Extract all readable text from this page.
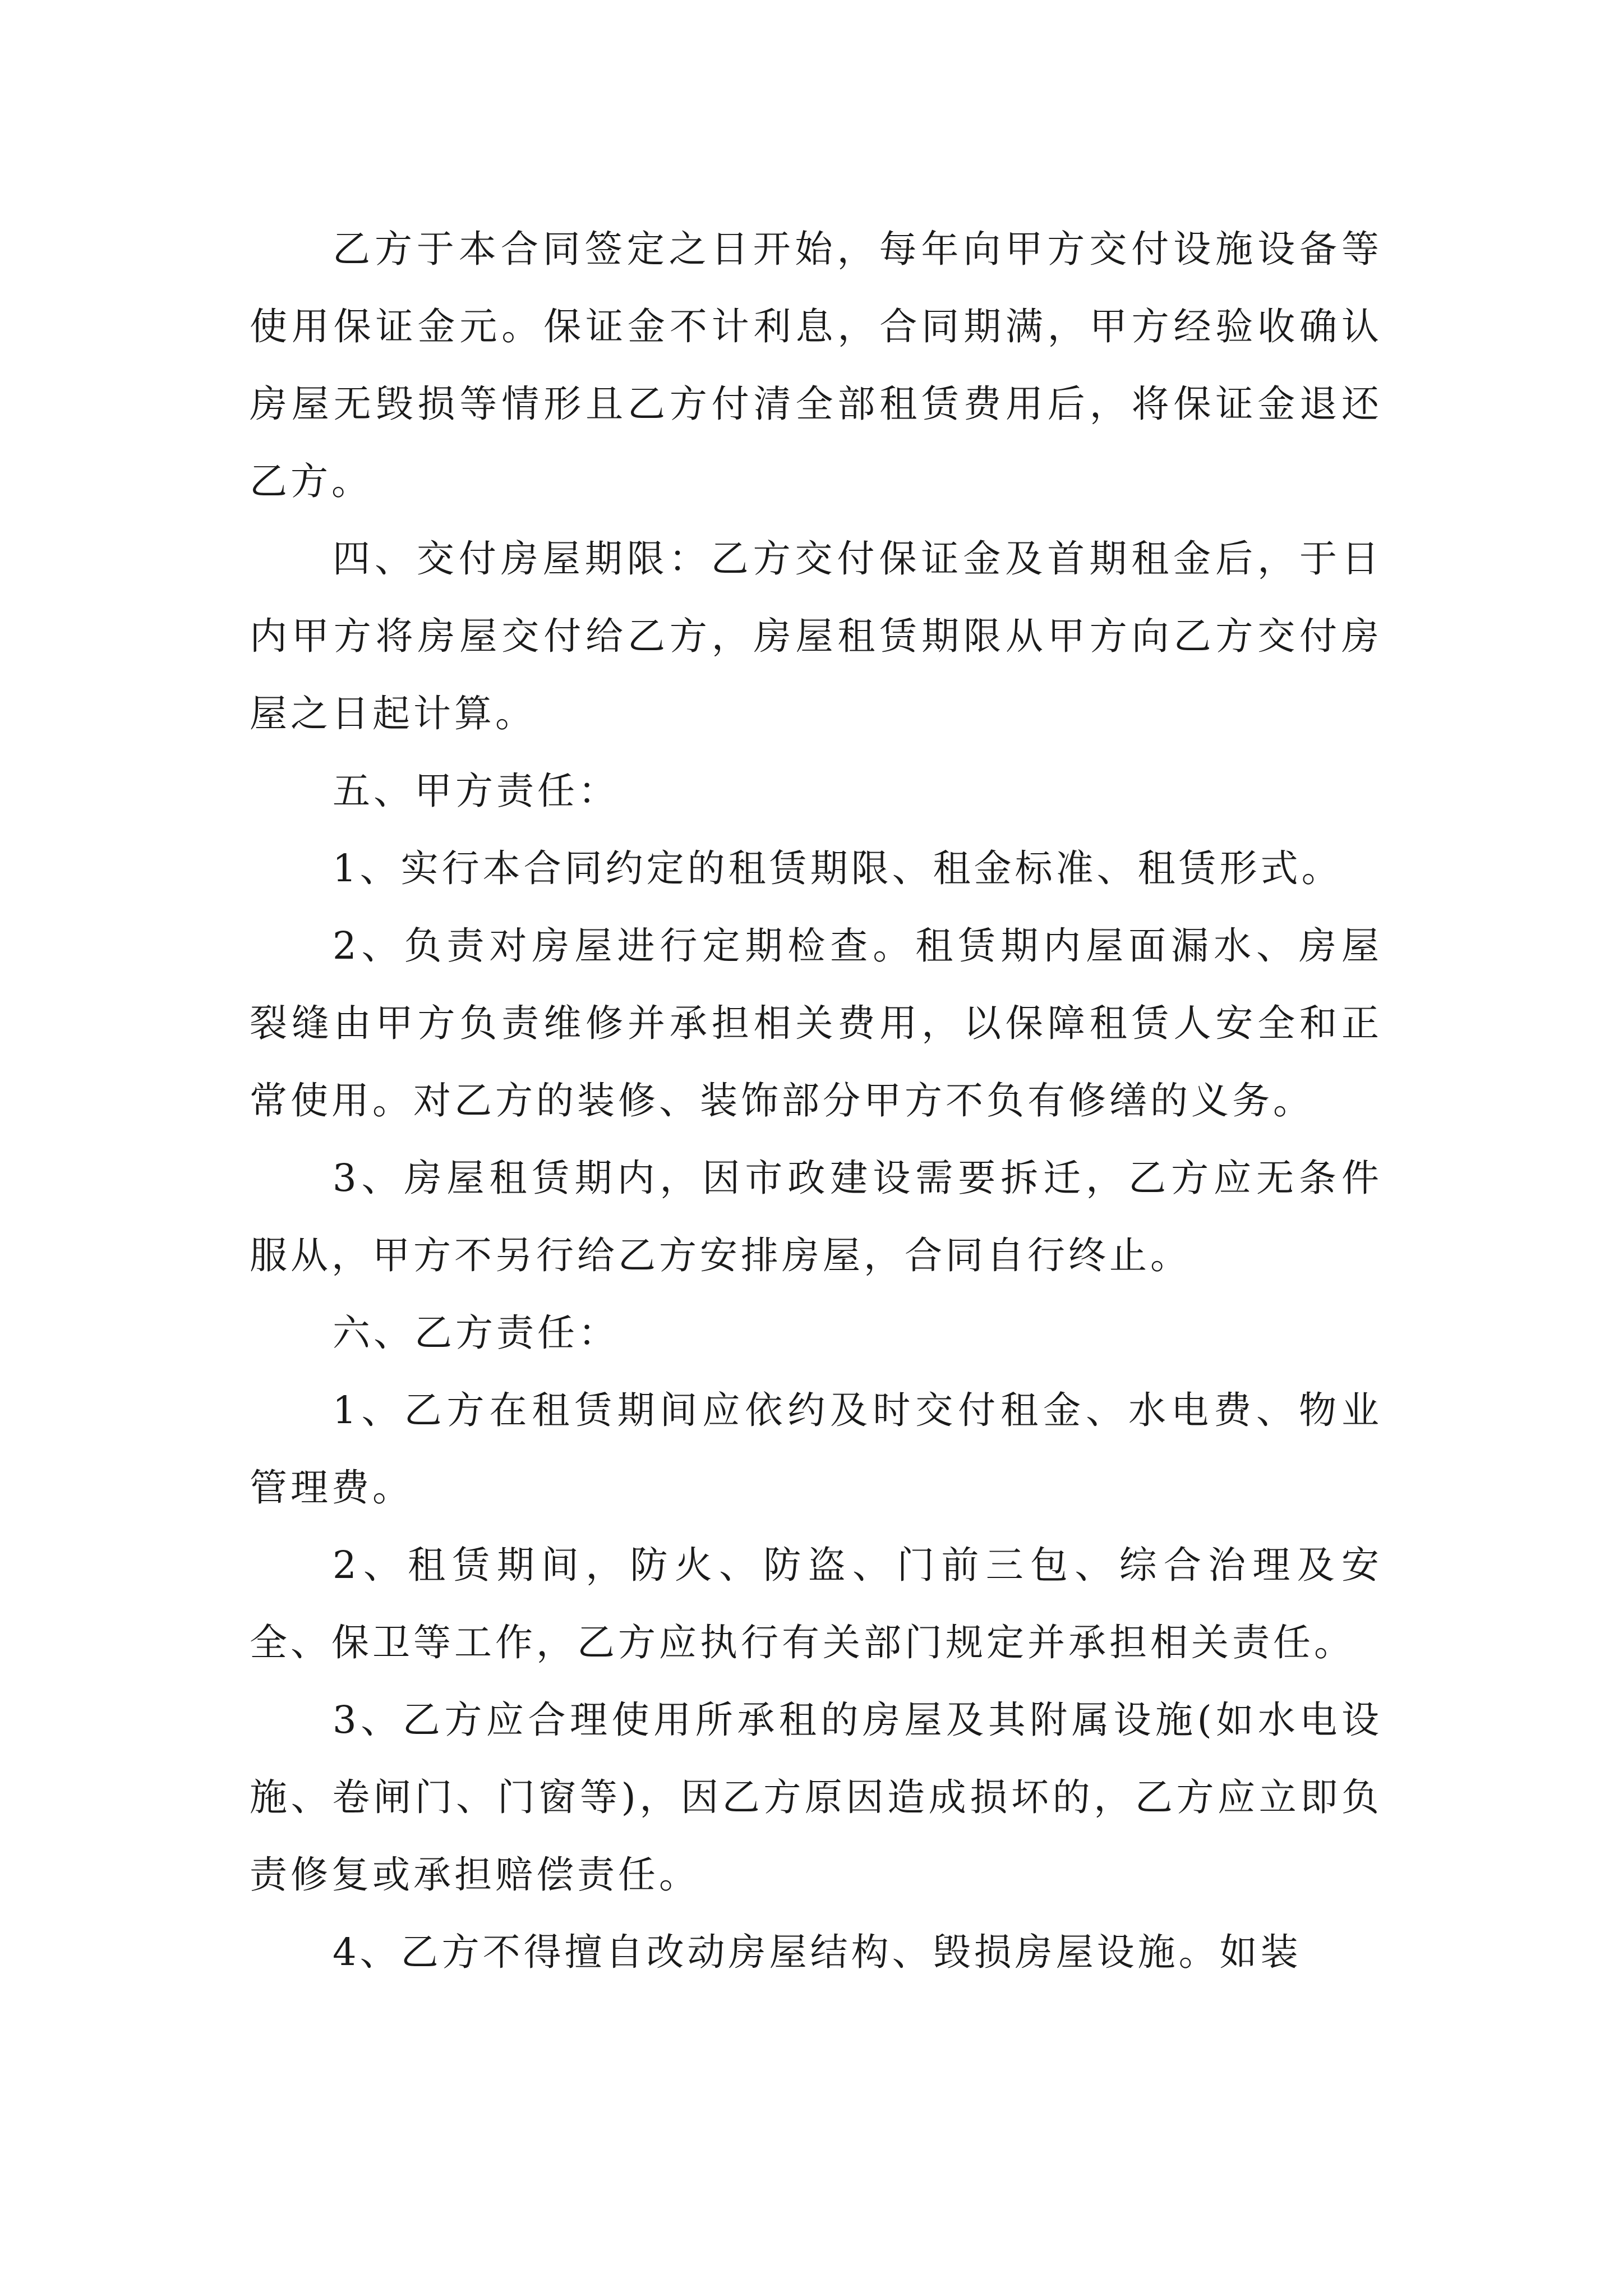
乙方于本合同签定之日开始，每年向甲方交付设施设备等使用保证金元。保证金不计利息，合同期满，甲方经验收确认房屋无毁损等情形且乙方付清全部租赁费用后，将保证金退还乙方。

四、交付房屋期限：乙方交付保证金及首期租金后，于日内甲方将房屋交付给乙方，房屋租赁期限从甲方向乙方交付房屋之日起计算。

五、甲方责任：

1、实行本合同约定的租赁期限、租金标准、租赁形式。

2、负责对房屋进行定期检查。租赁期内屋面漏水、房屋裂缝由甲方负责维修并承担相关费用，以保障租赁人安全和正常使用。对乙方的装修、装饰部分甲方不负有修缮的义务。

3、房屋租赁期内，因市政建设需要拆迁，乙方应无条件服从，甲方不另行给乙方安排房屋，合同自行终止。

六、乙方责任：

1、乙方在租赁期间应依约及时交付租金、水电费、物业管理费。

2、租赁期间，防火、防盗、门前三包、综合治理及安全、保卫等工作，乙方应执行有关部门规定并承担相关责任。

3、乙方应合理使用所承租的房屋及其附属设施(如水电设施、卷闸门、门窗等)，因乙方原因造成损坏的，乙方应立即负责修复或承担赔偿责任。

4、乙方不得擅自改动房屋结构、毁损房屋设施。如装
